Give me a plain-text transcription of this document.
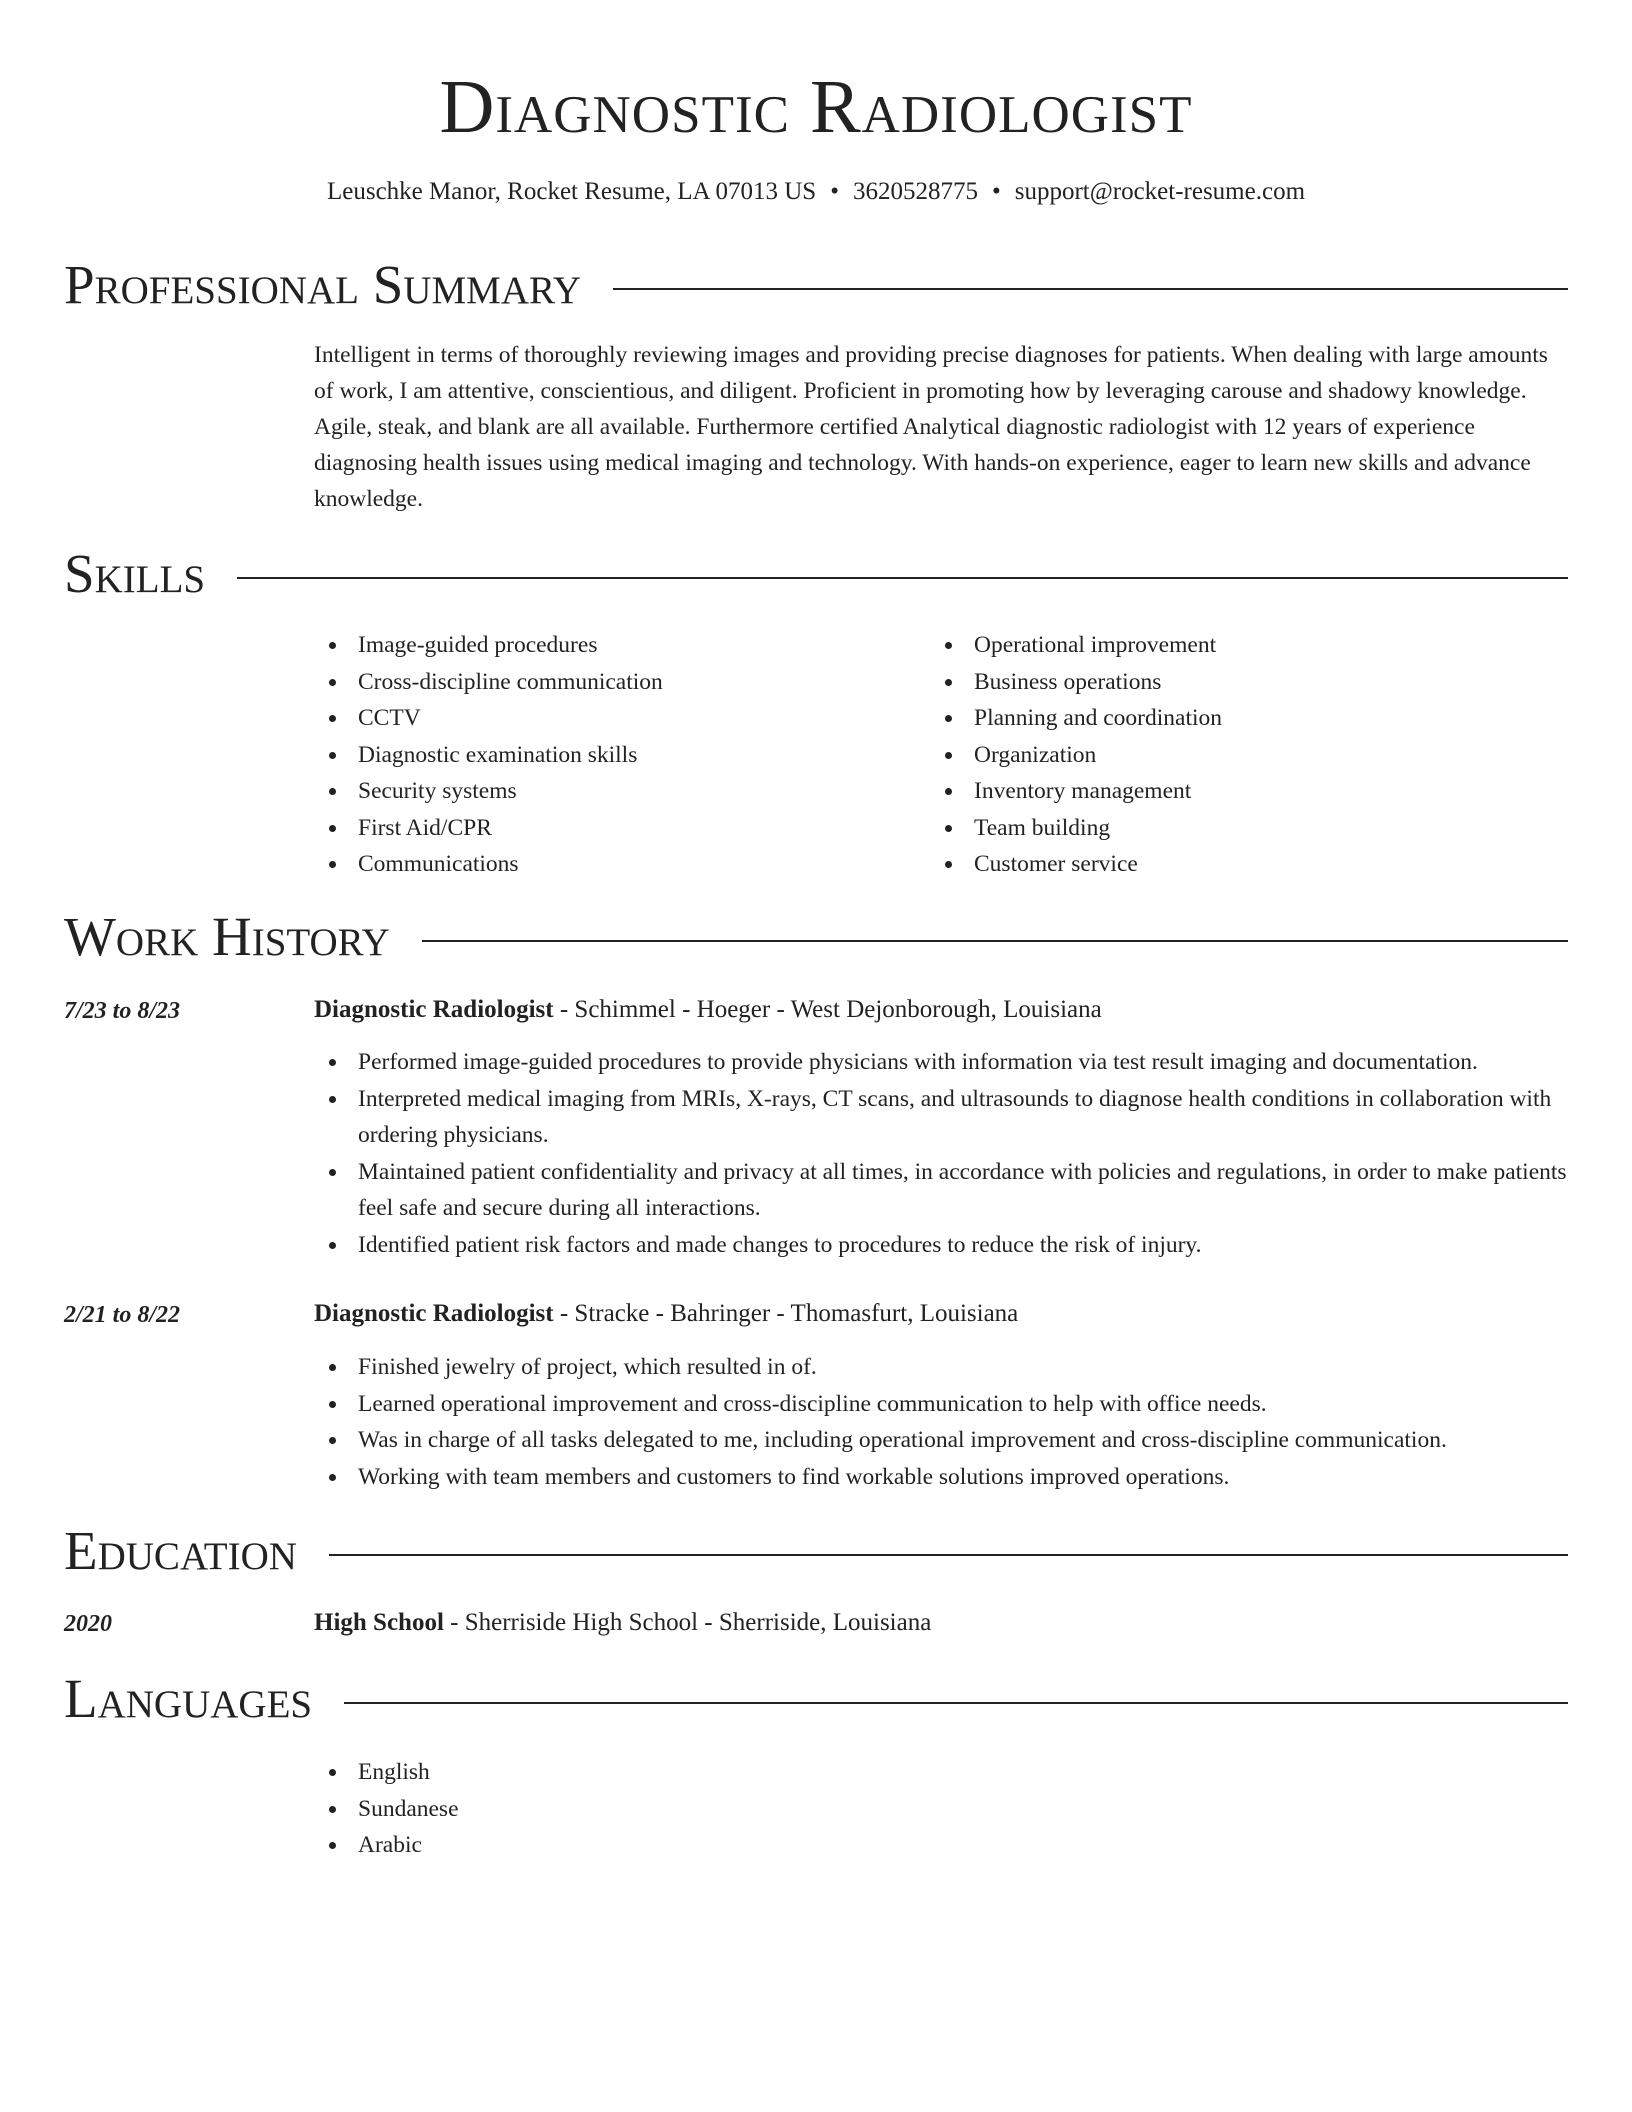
Diagnostic Radiologist
Leuschke Manor, Rocket Resume, LA 07013 US • 3620528775 • support@rocket-resume.com
Professional Summary
Intelligent in terms of thoroughly reviewing images and providing precise diagnoses for patients. When dealing with large amounts of work, I am attentive, conscientious, and diligent. Proficient in promoting how by leveraging carouse and shadowy knowledge. Agile, steak, and blank are all available. Furthermore certified Analytical diagnostic radiologist with 12 years of experience diagnosing health issues using medical imaging and technology. With hands-on experience, eager to learn new skills and advance knowledge.
Skills
Image-guided procedures
Cross-discipline communication
CCTV
Diagnostic examination skills
Security systems
First Aid/CPR
Communications
Operational improvement
Business operations
Planning and coordination
Organization
Inventory management
Team building
Customer service
Work History
7/23 to 8/23	Diagnostic Radiologist - Schimmel - Hoeger - West Dejonborough, Louisiana
Performed image-guided procedures to provide physicians with information via test result imaging and documentation.
Interpreted medical imaging from MRIs, X-rays, CT scans, and ultrasounds to diagnose health conditions in collaboration with ordering physicians.
Maintained patient confidentiality and privacy at all times, in accordance with policies and regulations, in order to make patients feel safe and secure during all interactions.
Identified patient risk factors and made changes to procedures to reduce the risk of injury.
2/21 to 8/22	Diagnostic Radiologist - Stracke - Bahringer - Thomasfurt, Louisiana
Finished jewelry of project, which resulted in of.
Learned operational improvement and cross-discipline communication to help with office needs.
Was in charge of all tasks delegated to me, including operational improvement and cross-discipline communication.
Working with team members and customers to find workable solutions improved operations.
Education
2020	High School - Sherriside High School - Sherriside, Louisiana
Languages
English
Sundanese
Arabic
